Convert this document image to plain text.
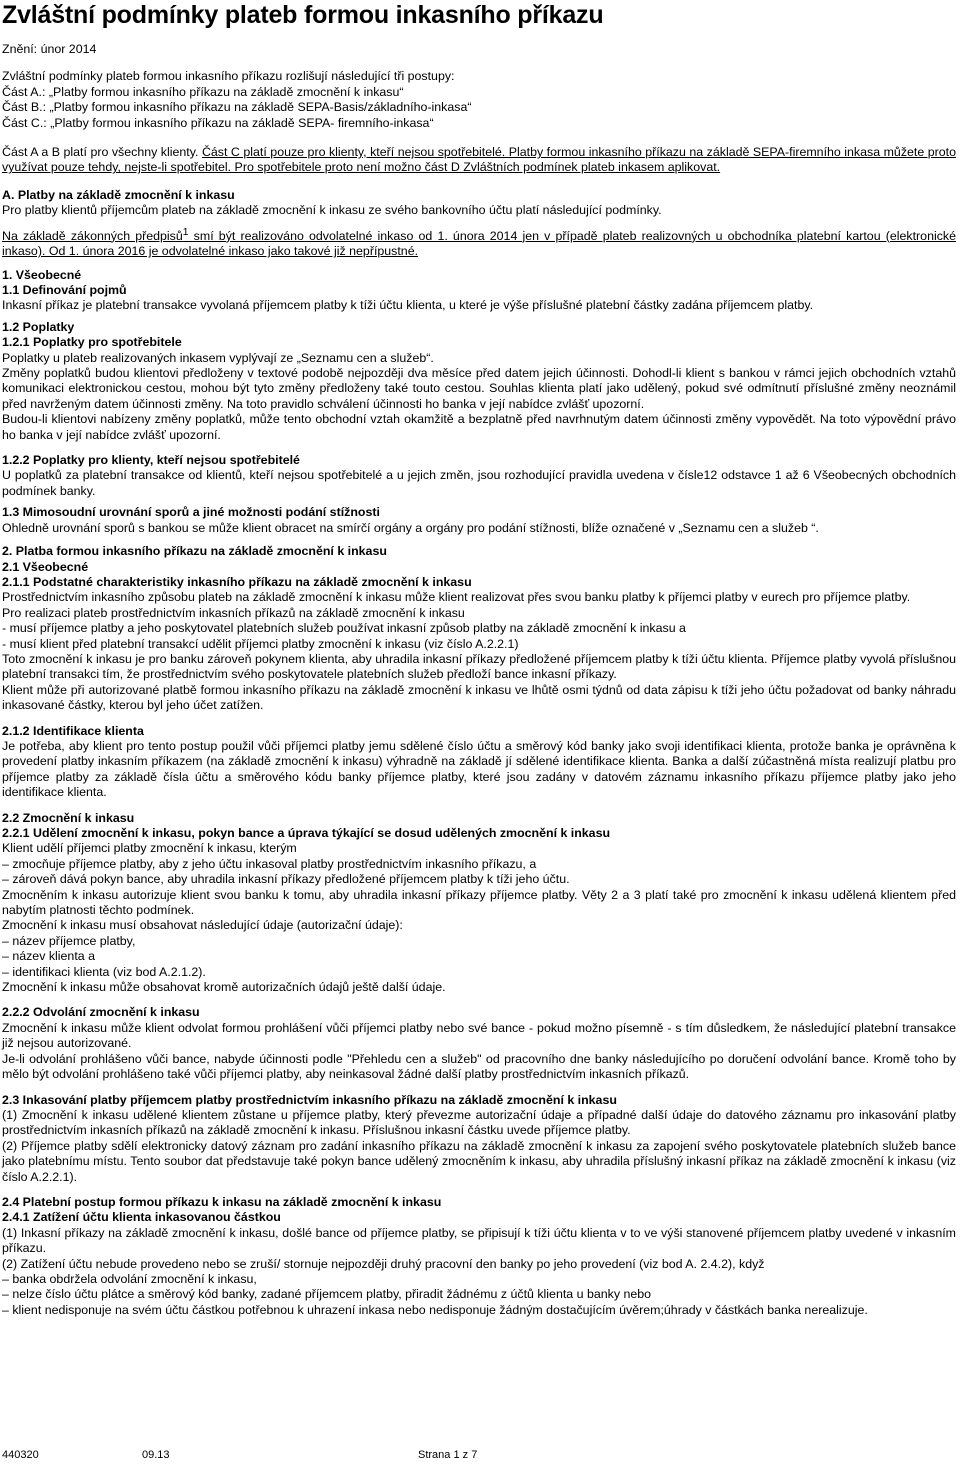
Zvláštní podmínky plateb formou inkasního příkazu

Znění: únor 2014

Zvláštní podmínky plateb formou inkasního příkazu rozlišují následující tři postupy:

Část A.: „Platby formou inkasního příkazu na základě zmocnění k inkasu“

Část B.: „Platby formou inkasního příkazu na základě SEPA-Basis/základního-inkasa“

Část C.: „Platby formou inkasního příkazu na základě SEPA- firemního-inkasa“

Část A a B platí pro všechny klienty. Část C platí pouze pro klienty, kteří nejsou spotřebitelé. Platby formou inkasního příkazu na základě SEPA-firemního inkasa můžete proto využívat pouze tehdy, nejste-li spotřebitel. Pro spotřebitele proto není možno část D Zvláštních podmínek plateb inkasem aplikovat.

A. Platby na základě zmocnění k inkasu

Pro platby klientů příjemcům plateb na základě zmocnění k inkasu ze svého bankovního účtu platí následující podmínky.

Na základě zákonných předpisů$^1$ smí být realizováno odvolatelné inkaso od 1. února 2014 jen v případě plateb realizovných u obchodníka platební kartou (elektronické inkaso). Od 1. února 2016 je odvolatelné inkaso jako takové již nepřípustné.

1. Všeobecné

1.1 Definování pojmů

Inkasní příkaz je platební transakce vyvolaná příjemcem platby k tíži účtu klienta, u které je výše příslušné platební částky zadána příjemcem platby.

1.2 Poplatky

1.2.1 Poplatky pro spotřebitele

Poplatky u plateb realizovaných inkasem vyplývají ze „Seznamu cen a služeb“.

Změny poplatků budou klientovi předloženy v textové podobě nejpozději dva měsíce před datem jejich účinnosti. Dohodl-li klient s bankou v rámci jejich obchodních vztahů komunikaci elektronickou cestou, mohou být tyto změny předloženy také touto cestou. Souhlas klienta platí jako udělený, pokud své odmítnutí příslušné změny neoznámil před navrženým datem účinnosti změny. Na toto pravidlo schválení účinnosti ho banka v její nabídce zvlášť upozorní.

Budou-li klientovi nabízeny změny poplatků, může tento obchodní vztah okamžitě a bezplatně před navrhnutým datem účinnosti změny vypovědět. Na toto výpovědní právo ho banka v její nabídce zvlášť upozorní.

1.2.2 Poplatky pro klienty, kteří nejsou spotřebitelé

U poplatků za platební transakce od klientů, kteří nejsou spotřebitelé a u jejich změn, jsou rozhodující pravidla uvedena v čísle12 odstavce 1 až 6 Všeobecných obchodních podmínek banky.

1.3 Mimosoudní urovnání sporů a jiné možnosti podání stížnosti

Ohledně urovnání sporů s bankou se může klient obracet na smírčí orgány a orgány pro podání stížnosti, blíže označené v „Seznamu cen a služeb “.

2. Platba formou inkasního příkazu na základě zmocnění k inkasu

2.1 Všeobecné

2.1.1 Podstatné charakteristiky inkasního příkazu na základě zmocnění k inkasu

Prostřednictvím inkasního způsobu plateb na základě zmocnění k inkasu může klient realizovat přes svou banku platby k příjemci platby v eurech pro příjemce platby.

Pro realizaci plateb prostřednictvím inkasních příkazů na základě zmocnění k inkasu

- musí příjemce platby a jeho poskytovatel platebních služeb používat inkasní způsob platby na základě zmocnění k inkasu a

- musí klient před platební transakcí udělit příjemci platby zmocnění k inkasu (viz číslo A.2.2.1)

Toto zmocnění k inkasu je pro banku zároveň pokynem klienta, aby uhradila inkasní příkazy předložené příjemcem platby k tíži účtu klienta. Příjemce platby vyvolá příslušnou platební transakci tím, že prostřednictvím svého poskytovatele platebních služeb předloží bance inkasní příkazy.

Klient může při autorizované platbě formou inkasního příkazu na základě zmocnění k inkasu ve lhůtě osmi týdnů od data zápisu k tíži jeho účtu požadovat od banky náhradu inkasované částky, kterou byl jeho účet zatížen.

2.1.2 Identifikace klienta

Je potřeba, aby klient pro tento postup použil vůči příjemci platby jemu sdělené číslo účtu a směrový kód banky jako svoji identifikaci klienta, protože banka je oprávněna k provedení platby inkasním příkazem (na základě zmocnění k inkasu) výhradně na základě jí sdělené identifikace klienta. Banka a další zúčastněná místa realizují platbu pro příjemce platby za základě čísla účtu a směrového kódu banky příjemce platby, které jsou zadány v datovém záznamu inkasního příkazu příjemce platby jako jeho identifikace klienta.

2.2 Zmocnění k inkasu

2.2.1 Udělení zmocnění k inkasu, pokyn bance a úprava týkající se dosud udělených zmocnění k inkasu

Klient udělí příjemci platby zmocnění k inkasu, kterým

– zmocňuje příjemce platby, aby z jeho účtu inkasoval platby prostřednictvím inkasního příkazu, a

– zároveň dává pokyn bance, aby uhradila inkasní příkazy předložené příjemcem platby k tíži jeho účtu.

Zmocněním k inkasu autorizuje klient svou banku k tomu, aby uhradila inkasní příkazy příjemce platby. Věty 2 a 3 platí také pro zmocnění k inkasu udělená klientem před nabytím platnosti těchto podmínek.

Zmocnění k inkasu musí obsahovat následující údaje (autorizační údaje):

– název příjemce platby,

– název klienta a

– identifikaci klienta (viz bod A.2.1.2).

Zmocnění k inkasu může obsahovat kromě autorizačních údajů ještě další údaje.

2.2.2 Odvolání zmocnění k inkasu

Zmocnění k inkasu může klient odvolat formou prohlášení vůči příjemci platby nebo své bance - pokud možno písemně - s tím důsledkem, že následující platební transakce již nejsou autorizované.

Je-li odvolání prohlášeno vůči bance, nabyde účinnosti podle "Přehledu cen a služeb" od pracovního dne banky následujícího po doručení odvolání bance. Kromě toho by mělo být odvolání prohlášeno také vůči příjemci platby, aby neinkasoval žádné další platby prostřednictvím inkasních příkazů.

2.3 Inkasování platby příjemcem platby prostřednictvím inkasního příkazu na základě zmocnění k inkasu

(1) Zmocnění k inkasu udělené klientem zůstane u příjemce platby, který převezme autorizační údaje a případné další údaje do datového záznamu pro inkasování platby prostřednictvím inkasních příkazů na základě zmocnění k inkasu. Příslušnou inkasní částku uvede příjemce platby.

(2) Příjemce platby sdělí elektronicky datový záznam pro zadání inkasního příkazu na základě zmocnění k inkasu za zapojení svého poskytovatele platebních služeb bance jako platebnímu místu. Tento soubor dat představuje také pokyn bance udělený zmocněním k inkasu, aby uhradila příslušný inkasní příkaz na základě zmocnění k inkasu (viz číslo A.2.2.1).

2.4 Platební postup formou příkazu k inkasu na základě zmocnění k inkasu

2.4.1 Zatížení účtu klienta inkasovanou částkou

(1) Inkasní příkazy na základě zmocnění k inkasu, došlé bance od příjemce platby, se připisují k tíži účtu klienta v to ve výši stanovené příjemcem platby uvedené v inkasním příkazu.

(2) Zatížení účtu nebude provedeno nebo se zruší/ stornuje nejpozději druhý pracovní den banky po jeho provedení (viz bod A. 2.4.2), když

– banka obdržela odvolání zmocnění k inkasu,

– nelze číslo účtu plátce a směrový kód banky, zadané příjemcem platby, přiradit žádnému z účtů klienta u banky nebo

– klient nedisponuje na svém účtu částkou potřebnou k uhrazení inkasa nebo nedisponuje žádným dostačujícím úvěrem;úhrady v částkách banka nerealizuje.

440320	09.13	Strana 1 z 7
